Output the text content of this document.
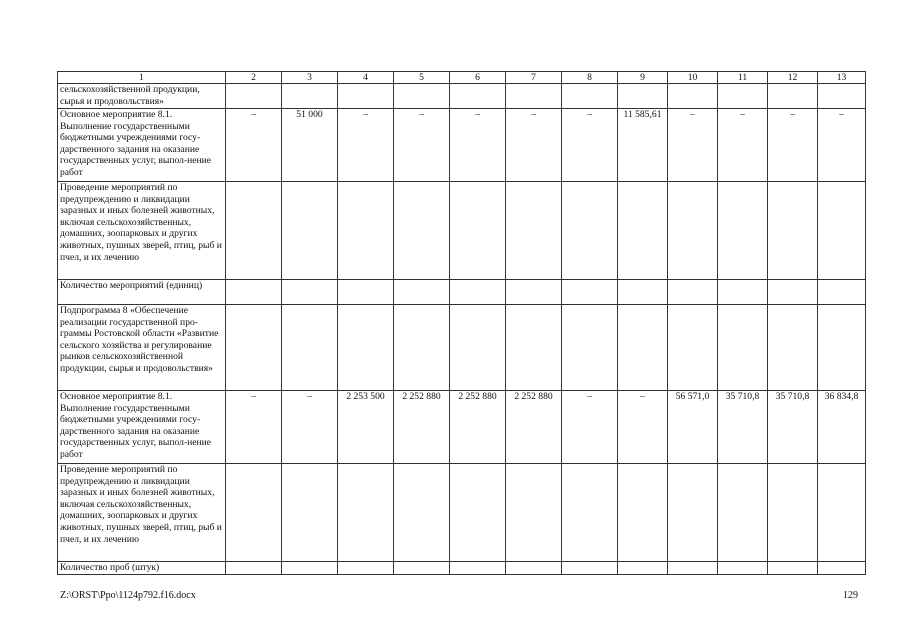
1	2	3	4	5	6	7	8	9	10	11	12	13
сельскохозяйственной продукции, сырья и продовольствия»												
Основное мероприятие 8.1. Выполнение государственными бюджетными учреждениями госу-дарственного задания на оказание государственных услуг, выпол-нение работ	–	51 000	–	–	–	–	–	11 585,61	–	–	–	–
Проведение мероприятий по предупреждению и ликвидации заразных и иных болезней животных, включая сельскохозяйственных, домашних, зоопарковых и других животных, пушных зверей, птиц, рыб и пчел, и их лечению												
Количество мероприятий (единиц)												
Подпрограмма 8 «Обеспечение реализации государственной про-граммы Ростовской области «Развитие сельского хозяйства и регулирование рынков сельскохозяйственной продукции, сырья и продовольствия»												
Основное мероприятие 8.1. Выполнение государственными бюджетными учреждениями госу-дарственного задания на оказание государственных услуг, выпол-нение работ	–	–	2 253 500	2 252 880	2 252 880	2 252 880	–	–	56 571,0	35 710,8	35 710,8	36 834,8
Проведение мероприятий по предупреждению и ликвидации заразных и иных болезней животных, включая сельскохозяйственных, домашних, зоопарковых и других животных, пушных зверей, птиц, рыб и пчел, и их лечению												
Количество проб (штук)												
Z:\ORST\Ppo\1124p792.f16.docx	129
